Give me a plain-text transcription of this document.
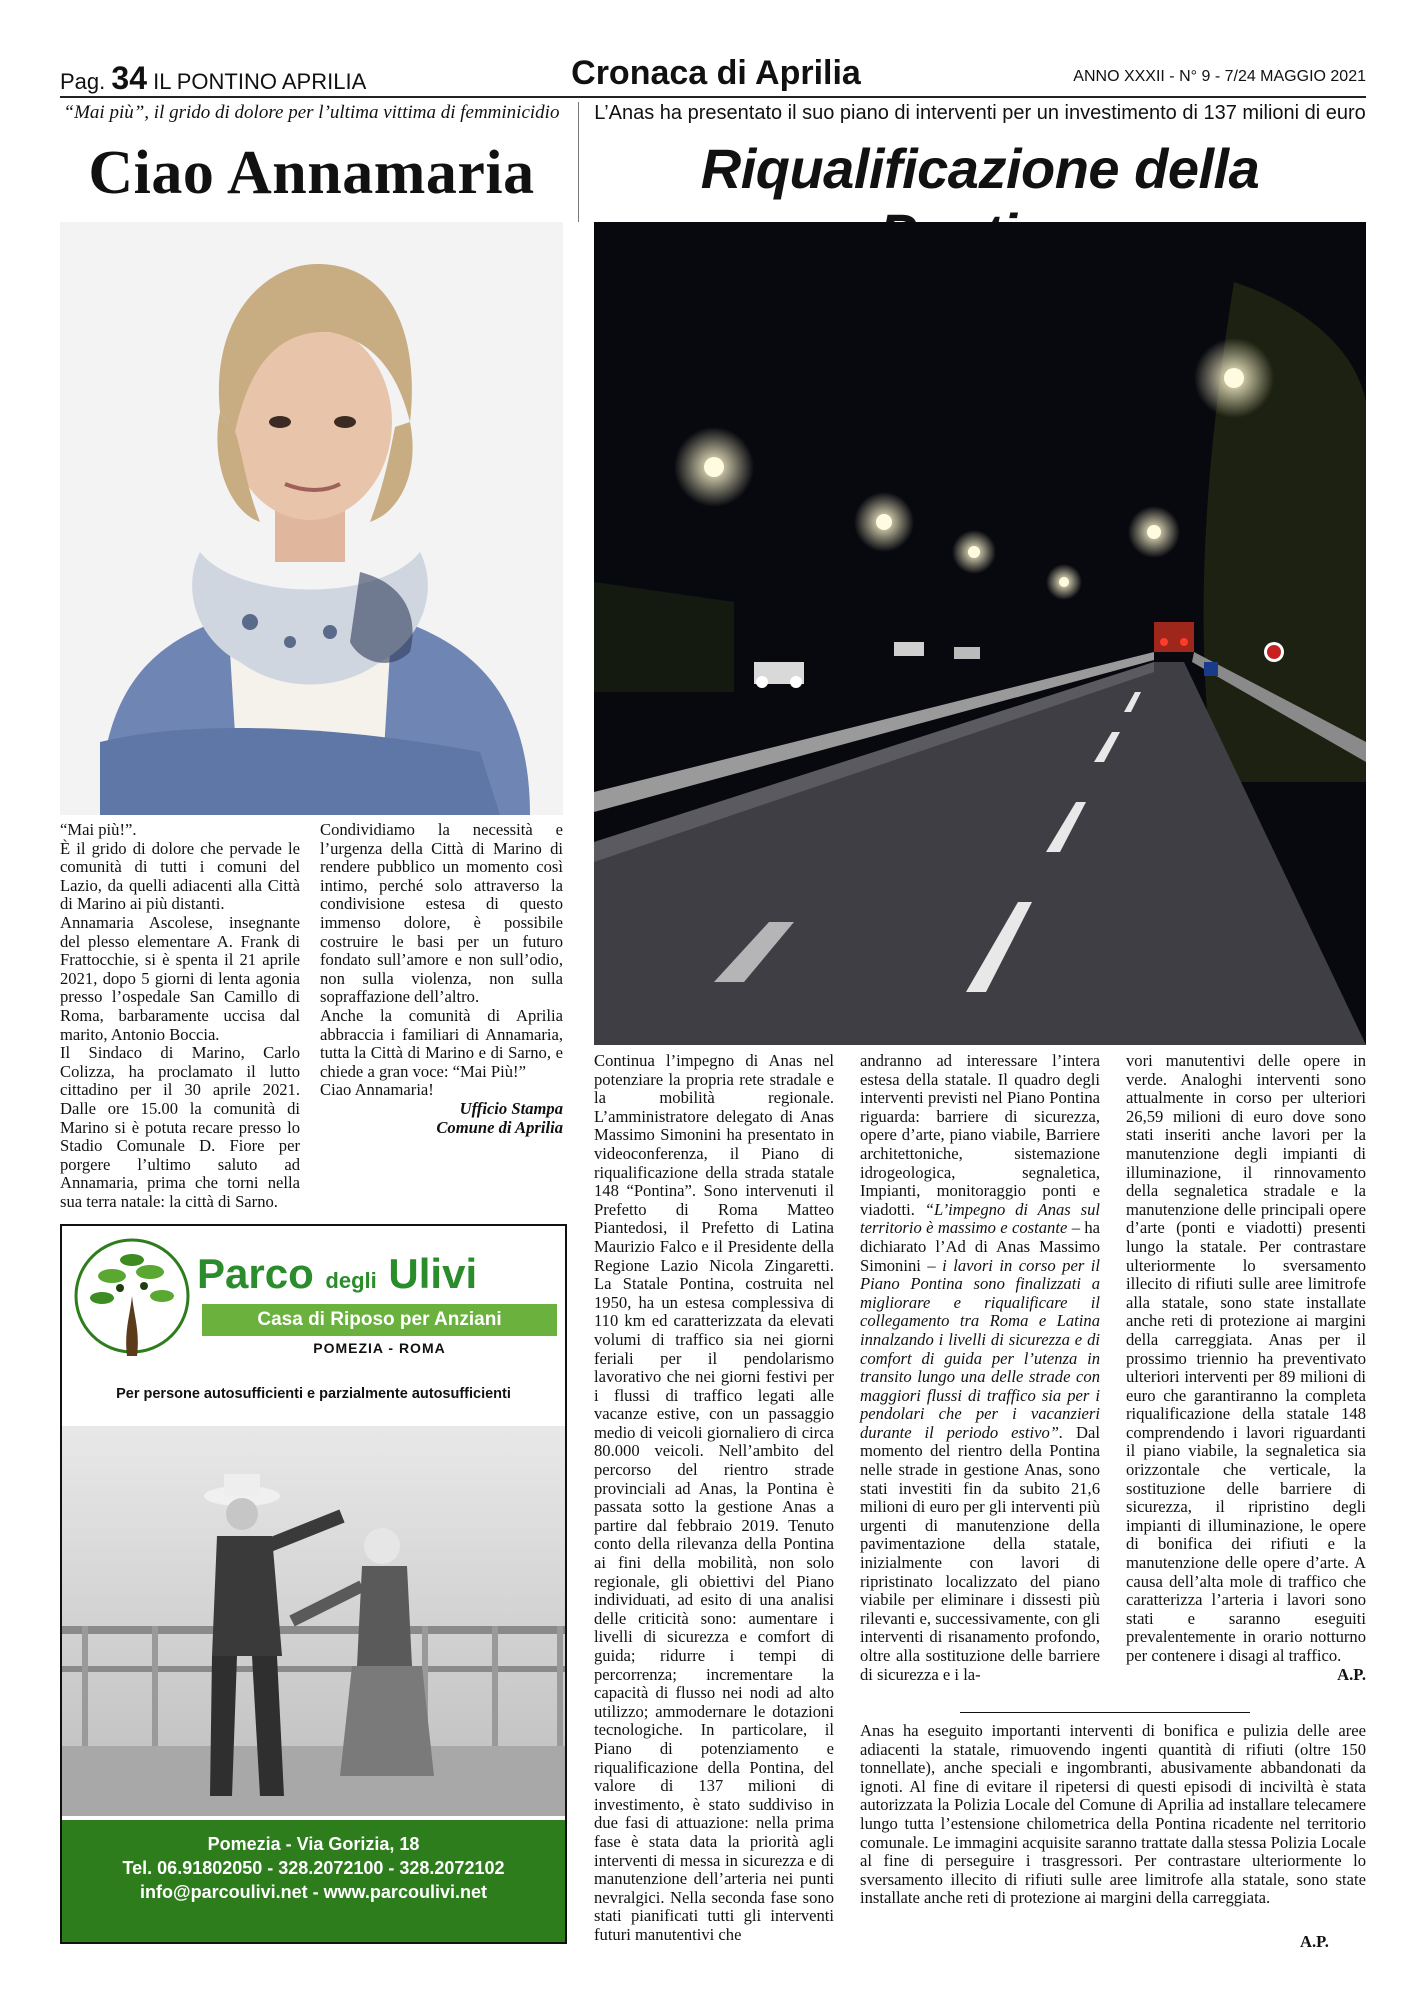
Pag. 34 IL PONTINO APRILIA	Cronaca di Aprilia	ANNO XXXII - N° 9 - 7/24 MAGGIO 2021
“Mai più”, il grido di dolore per l’ultima vittima di femminicidio
Ciao Annamaria

“Mai più!”.

È il grido di dolore che pervade le comunità di tutti i comuni del Lazio, da quelli adiacenti alla Città di Marino ai più distanti.

Annamaria Ascolese, insegnante del plesso elementare A. Frank di Frattocchie, si è spenta il 21 aprile 2021, dopo 5 giorni di lenta agonia presso l’ospedale San Camillo di Roma, barbaramente uccisa dal marito, Antonio Boccia.

Il Sindaco di Marino, Carlo Colizza, ha proclamato il lutto cittadino per il 30 aprile 2021. Dalle ore 15.00 la comunità di Marino si è potuta recare presso lo Stadio Comunale D. Fiore per porgere l’ultimo saluto ad Annamaria, prima che torni nella sua terra natale: la città di Sarno.

Condividiamo la necessità e l’urgenza della Città di Marino di rendere pubblico un momento così intimo, perché solo attraverso la condivisione estesa di questo immenso dolore, è possibile costruire le basi per un futuro fondato sull’amore e non sull’odio, non sulla violenza, non sulla sopraffazione dell’altro.

Anche la comunità di Aprilia abbraccia i familiari di Annamaria, tutta la Città di Marino e di Sarno, e chiede a gran voce: “Mai Più!”

Ciao Annamaria!

Ufficio Stampa

Comune di Aprilia

Parco degli Ulivi
Casa di Riposo per Anziani
POMEZIA - ROMA
Per persone autosufficienti e parzialmente autosufficienti
Pomezia - Via Gorizia, 18
Tel. 06.91802050 - 328.2072100 - 328.2072102
info@parcoulivi.net - www.parcoulivi.net
L’Anas ha presentato il suo piano di interventi per un investimento di 137 milioni di euro
Riqualificazione della
Continua l’impegno di Anas nel potenziare la propria rete stradale e la mobilità regionale. L’amministratore delegato di Anas Massimo Simonini ha presentato in videoconferenza, il Piano di riqualificazione della strada statale 148 “Pontina”. Sono intervenuti il Prefetto di Roma Matteo Piantedosi, il Prefetto di Latina Maurizio Falco e il Presidente della Regione Lazio Nicola Zingaretti. La Statale Pontina, costruita nel 1950, ha un estesa complessiva di 110 km ed caratterizzata da elevati volumi di traffico sia nei giorni feriali per il pendolarismo lavorativo che nei giorni festivi per i flussi di traffico legati alle vacanze estive, con un passaggio medio di veicoli giornaliero di circa 80.000 veicoli. Nell’ambito del percorso del rientro strade provinciali ad Anas, la Pontina è passata sotto la gestione Anas a partire dal febbraio 2019. Tenuto conto della rilevanza della Pontina ai fini della mobilità, non solo regionale, gli obiettivi del Piano individuati, ad esito di una analisi delle criticità sono: aumentare i livelli di sicurezza e comfort di guida; ridurre i tempi di percorrenza; incrementare la capacità di flusso nei nodi ad alto utilizzo; ammodernare le dotazioni tecnologiche. In particolare, il Piano di potenziamento e riqualificazione della Pontina, del valore di 137 milioni di investimento, è stato suddiviso in due fasi di attuazione: nella prima fase è stata data la priorità agli interventi di messa in sicurezza e di manutenzione dell’arteria nei punti nevralgici. Nella seconda fase sono stati pianificati tutti gli interventi futuri manutentivi che
andranno ad interessare l’intera estesa della statale. Il quadro degli interventi previsti nel Piano Pontina riguarda: barriere di sicurezza, opere d’arte, piano viabile, Barriere architettoniche, sistemazione idrogeologica, segnaletica, Impianti, monitoraggio ponti e viadotti. “L’impegno di Anas sul territorio è massimo e costante – ha dichiarato l’Ad di Anas Massimo Simonini – i lavori in corso per il Piano Pontina sono finalizzati a migliorare e riqualificare il collegamento tra Roma e Latina innalzando i livelli di sicurezza e di comfort di guida per l’utenza in transito lungo una delle strade con maggiori flussi di traffico sia per i pendolari che per i vacanzieri durante il periodo estivo”. Dal momento del rientro della Pontina nelle strade in gestione Anas, sono stati investiti fin da subito 21,6 milioni di euro per gli interventi più urgenti di manutenzione della pavimentazione della statale, inizialmente con lavori di ripristinato localizzato del piano viabile per eliminare i dissesti più rilevanti e, successivamente, con gli interventi di risanamento profondo, oltre alla sostituzione delle barriere di sicurezza e i la-

vori manutentivi delle opere in verde. Analoghi interventi sono attualmente in corso per ulteriori 26,59 milioni di euro dove sono stati inseriti anche lavori per la manutenzione degli impianti di illuminazione, il rinnovamento della segnaletica stradale e la manutenzione delle principali opere d’arte (ponti e viadotti) presenti lungo la statale. Per contrastare ulteriormente lo sversamento illecito di rifiuti sulle aree limitrofe alla statale, sono state installate anche reti di protezione ai margini della carreggiata. Anas per il prossimo triennio ha preventivato ulteriori interventi per 89 milioni di euro che garantiranno la completa riqualificazione della statale 148 comprendendo i lavori riguardanti il piano viabile, la segnaletica sia orizzontale che verticale, la sostituzione delle barriere di sicurezza, il ripristino degli impianti di illuminazione, le opere di bonifica dei rifiuti e la manutenzione delle opere d’arte. A causa dell’alta mole di traffico che caratterizza l’arteria i lavori sono stati e saranno eseguiti prevalentemente in orario notturno per contenere i disagi al traffico.

A.P.

Anas ha eseguito importanti interventi di bonifica e pulizia delle aree adiacenti la statale, rimuovendo ingenti quantità di rifiuti (oltre 150 tonnellate), anche speciali e ingombranti, abusivamente abbandonati da ignoti. Al fine di evitare il ripetersi di questi episodi di inciviltà è stata autorizzata la Polizia Locale del Comune di Aprilia ad installare telecamere lungo tutta l’estensione chilometrica della Pontina ricadente nel territorio comunale. Le immagini acquisite saranno trattate dalla stessa Polizia Locale al fine di perseguire i trasgressori. Per contrastare ulteriormente lo sversamento illecito di rifiuti sulle aree limitrofe alla statale, sono state installate anche reti di protezione ai margini della carreggiata.
A.P.
